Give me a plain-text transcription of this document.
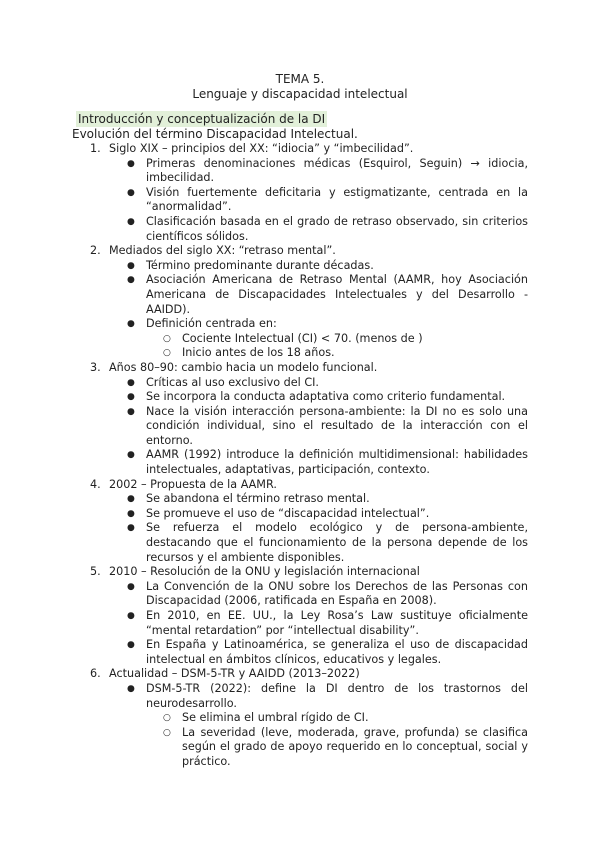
TEMA 5.
Lenguaje y discapacidad intelectual
Introducción y conceptualización de la DI
Evolución del término Discapacidad Intelectual.
1. Siglo XIX – principios del XX: “idiocia” y “imbecilidad”.
● Primeras denominaciones médicas (Esquirol, Seguin) → idiocia, imbecilidad.
● Visión fuertemente deficitaria y estigmatizante, centrada en la “anormalidad”.
● Clasificación basada en el grado de retraso observado, sin criterios científicos sólidos.
2. Mediados del siglo XX: “retraso mental”.
● Término predominante durante décadas.
● Asociación Americana de Retraso Mental (AAMR, hoy Asociación Americana de Discapacidades Intelectuales y del Desarrollo - AAIDD).
● Definición centrada en:
○ Cociente Intelectual (CI) < 70. (menos de )
○ Inicio antes de los 18 años.
3. Años 80–90: cambio hacia un modelo funcional.
● Críticas al uso exclusivo del CI.
● Se incorpora la conducta adaptativa como criterio fundamental.
● Nace la visión interacción persona-ambiente: la DI no es solo una condición individual, sino el resultado de la interacción con el entorno.
● AAMR (1992) introduce la definición multidimensional: habilidades intelectuales, adaptativas, participación, contexto.
4. 2002 – Propuesta de la AAMR.
● Se abandona el término retraso mental.
● Se promueve el uso de “discapacidad intelectual”.
● Se refuerza el modelo ecológico y de persona-ambiente, destacando que el funcionamiento de la persona depende de los recursos y el ambiente disponibles.
5. 2010 – Resolución de la ONU y legislación internacional
● La Convención de la ONU sobre los Derechos de las Personas con Discapacidad (2006, ratificada en España en 2008).
● En 2010, en EE. UU., la Ley Rosa’s Law sustituye oficialmente “mental retardation” por “intellectual disability”.
● En España y Latinoamérica, se generaliza el uso de discapacidad intelectual en ámbitos clínicos, educativos y legales.
6. Actualidad – DSM-5-TR y AAIDD (2013–2022)
● DSM-5-TR (2022): define la DI dentro de los trastornos del neurodesarrollo.
○ Se elimina el umbral rígido de CI.
○ La severidad (leve, moderada, grave, profunda) se clasifica según el grado de apoyo requerido en lo conceptual, social y práctico.
